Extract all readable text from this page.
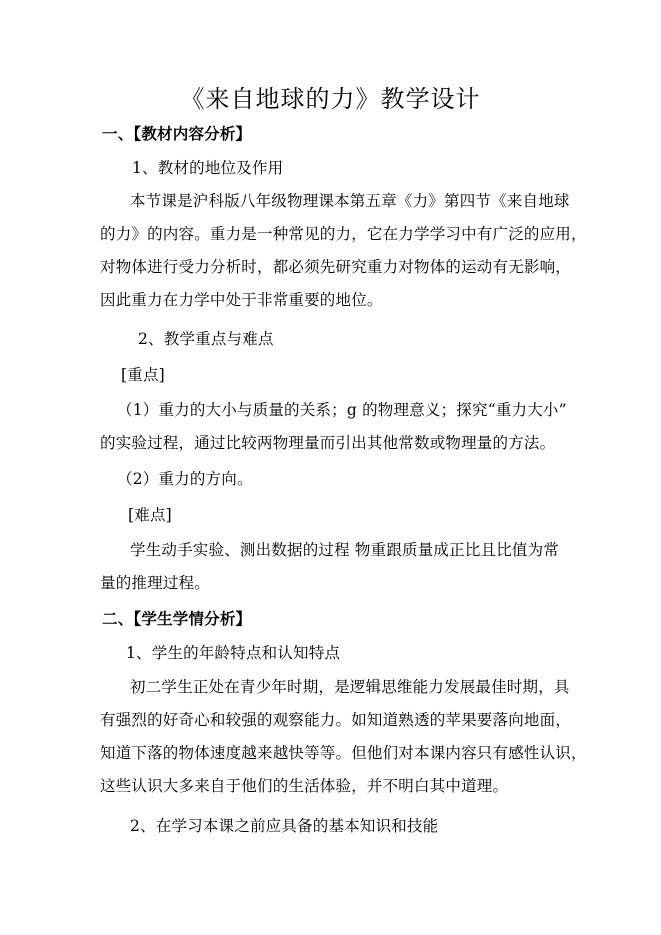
《来自地球的力》教学设计
一、【教材内容分析】
1、教材的地位及作用
本节课是沪科版八年级物理课本第五章《力》第四节《来自地球
的力》的内容。重力是一种常见的力，它在力学学习中有广泛的应用，
对物体进行受力分析时，都必须先研究重力对物体的运动有无影响，
因此重力在力学中处于非常重要的地位。
2、教学重点与难点
[重点]
（1）重力的大小与质量的关系；g 的物理意义；探究“重力大小”
的实验过程，通过比较两物理量而引出其他常数或物理量的方法。
（2）重力的方向。
[难点]
学生动手实验、测出数据的过程 物重跟质量成正比且比值为常
量的推理过程。
二、【学生学情分析】
1、学生的年龄特点和认知特点
初二学生正处在青少年时期，是逻辑思维能力发展最佳时期，具
有强烈的好奇心和较强的观察能力。如知道熟透的苹果要落向地面，
知道下落的物体速度越来越快等等。但他们对本课内容只有感性认识，
这些认识大多来自于他们的生活体验，并不明白其中道理。
2、在学习本课之前应具备的基本知识和技能
